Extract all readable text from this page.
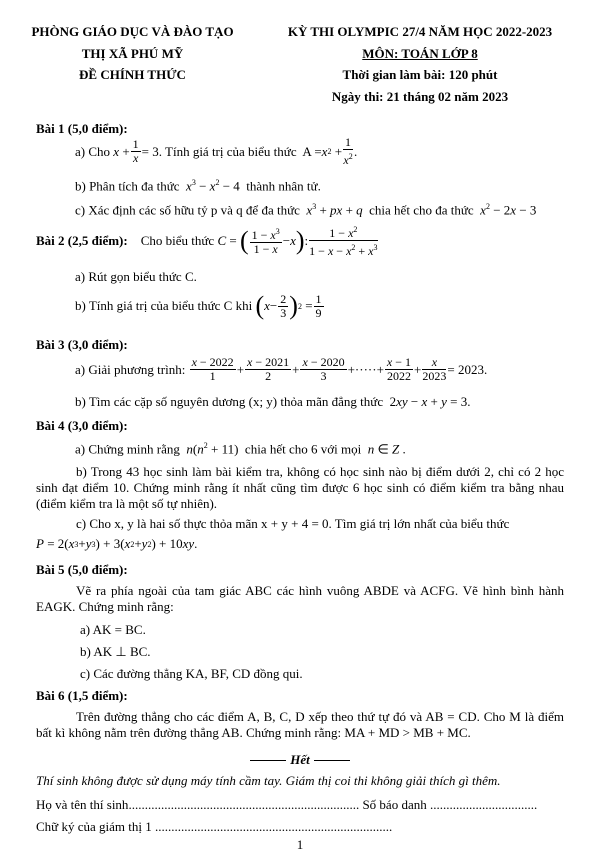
PHÒNG GIÁO DỤC VÀ ĐÀO TẠO
THỊ XÃ PHÚ MỸ
ĐỀ CHÍNH THỨC
KỲ THI OLYMPIC 27/4 NĂM HỌC 2022-2023
MÔN: TOÁN LỚP 8
Thời gian làm bài: 120 phút
Ngày thi: 21 tháng 02 năm 2023
Bài 1 (5,0 điểm):
a) Cho
$x + \frac{1}{x} = 3$ . Tính giá trị của biểu thức A = x $2 + \frac{1}{x^2}$ .
b) Phân tích đa thức $x^3 - x^2 - 4$  thành nhân tử.
c) Xác định các số hữu tỷ p và q để đa thức $x^3$ + px + q chia hết cho đa thức $x^2 - 2x - 3$
Bài 2 (2,5 điểm):
Cho biểu thức
C = ( $\frac{1 - x^3}{1 - x} - x$ ) : $\frac{1 - x^2}{1 - x - x^2 + x^3}$
a) Rút gọn biểu thức C.
b) Tính giá trị của biểu thức C khi
( $x - \frac{2}{3}$ ) $2 = \frac{1}{9}$
Bài 3 (3,0 điểm):
a) Giải phương trình:
$\frac{x - 2022}{1} + \frac{x - 2021}{2} + \frac{x - 2020}{3}$ +·····+ $\frac{x - 1}{2022} + \frac{x}{2023} = 2023$.
b) Tìm các cặp số nguyên dương (x; y) thỏa mãn đẳng thức  2xy − x + y = 3.
Bài 4 (3,0 điểm):
a) Chứng minh rằng $n(n^2 + 11)$  chia hết cho 6 với mọi n ∈ Z .
b) Trong 43 học sinh làm bài kiểm tra, không có học sinh nào bị điểm dưới 2, chỉ có 2 học sinh đạt điểm 10. Chứng minh rằng ít nhất cũng tìm được 6 học sinh có điểm kiểm tra bằng nhau (điểm kiểm tra là một số tự nhiên).
c) Cho x, y là hai số thực thỏa mãn x + y + 4 = 0. Tìm giá trị lớn nhất của biểu thức
P = 2( x 3 + y 3 ) + 3( x 2 + y 2 ) + 10 xy .
Bài 5 (5,0 điểm):
Vẽ ra phía ngoài của tam giác ABC các hình vuông ABDE và ACFG. Vẽ hình bình hành EAGK. Chứng minh rằng:
a) AK = BC.
b) AK ⊥ BC.
c) Các đường thẳng KA, BF, CD đồng qui.
Bài 6 (1,5 điểm):
Trên đường thẳng cho các điểm A, B, C, D xếp theo thứ tự đó và AB = CD. Cho M là điểm bất kì không nằm trên đường thẳng AB. Chứng minh rằng: MA + MD > MB + MC.
Hết
Thí sinh không được sử dụng máy tính cầm tay. Giám thị coi thi không giải thích gì thêm.
Họ và tên thí sinh....................................................................... Số báo danh .................................
Chữ ký của giám thị 1 .........................................................................
1
